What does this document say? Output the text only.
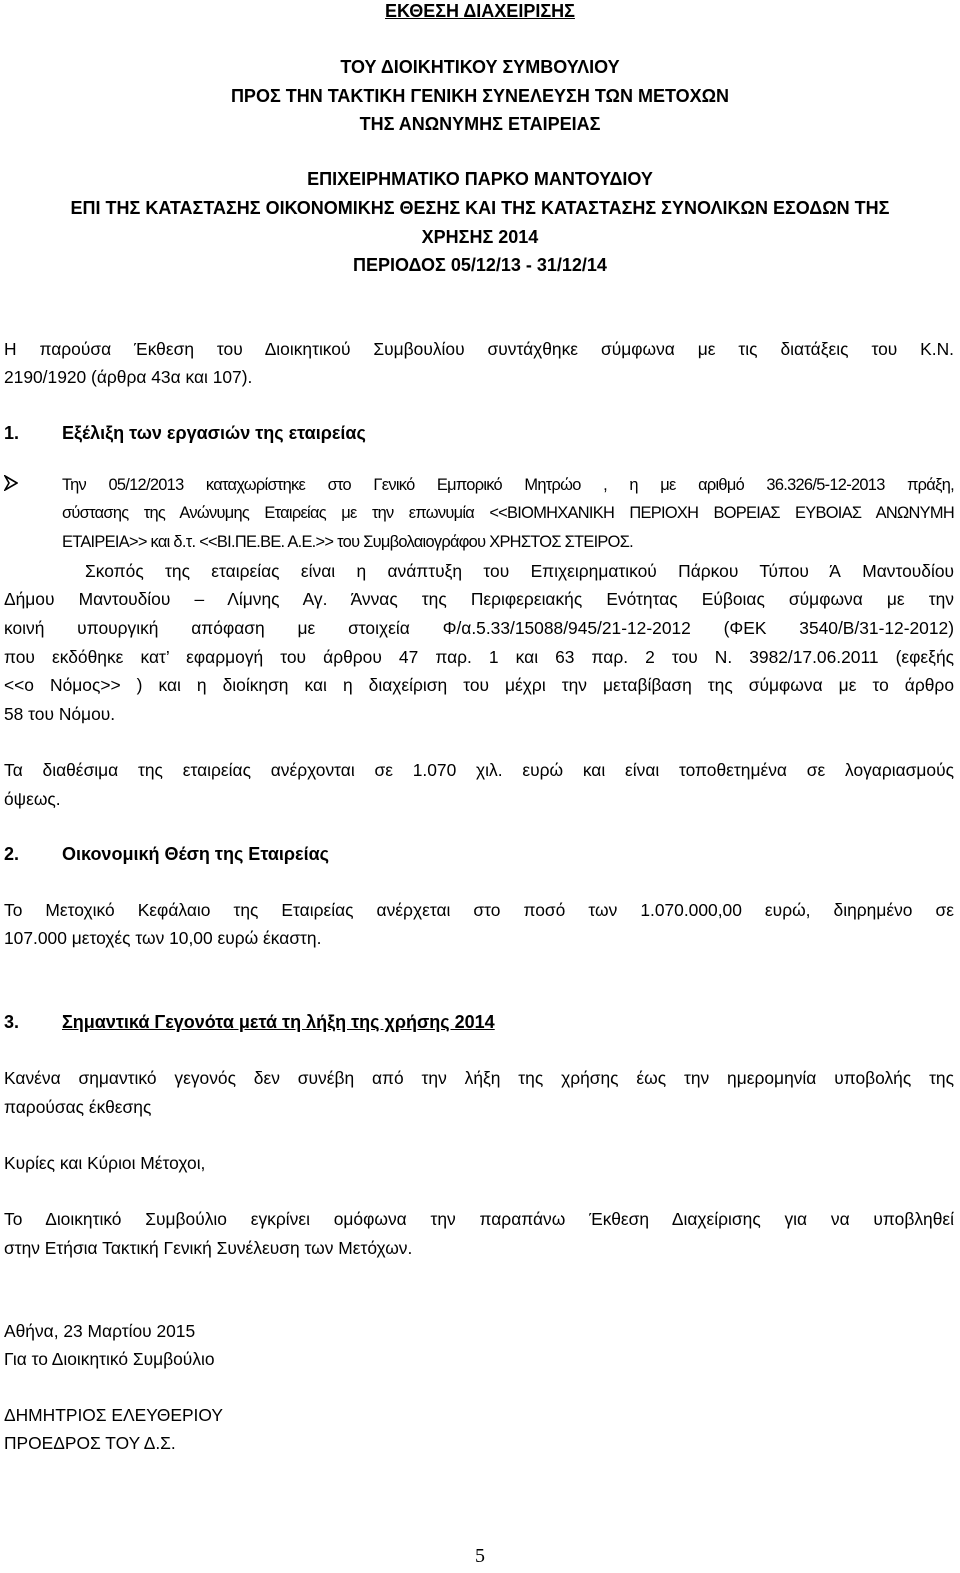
ΕΚΘΕΣΗ ΔΙΑΧΕΙΡΙΣΗΣ
ΤΟΥ ΔΙΟΙΚΗΤΙΚΟΥ ΣΥΜΒΟΥΛΙΟΥ
ΠΡΟΣ ΤΗΝ ΤΑΚΤΙΚΗ ΓΕΝΙΚΗ ΣΥΝΕΛΕΥΣΗ ΤΩΝ ΜΕΤΟΧΩΝ
ΤΗΣ ΑΝΩΝΥΜΗΣ ΕΤΑΙΡΕΙΑΣ
ΕΠΙΧΕΙΡΗΜΑΤΙΚΟ ΠΑΡΚΟ ΜΑΝΤΟΥΔΙΟΥ
ΕΠΙ ΤΗΣ ΚΑΤΑΣΤΑΣΗΣ ΟΙΚΟΝΟΜΙΚΗΣ ΘΕΣΗΣ ΚΑΙ ΤΗΣ ΚΑΤΑΣΤΑΣΗΣ ΣΥΝΟΛΙΚΩΝ ΕΣΟΔΩΝ ΤΗΣ
ΧΡΗΣΗΣ 2014
ΠΕΡΙΟΔΟΣ 05/12/13 - 31/12/14
Η παρούσα Έκθεση του Διοικητικού Συμβουλίου συντάχθηκε σύμφωνα με τις διατάξεις του Κ.Ν.
2190/1920 (άρθρα 43α και 107).
1. Εξέλιξη των εργασιών της εταιρείας
Την 05/12/2013 καταχωρίστηκε στο Γενικό Εμπορικό Μητρώο , η με αριθμό 36.326/5-12-2013 πράξη,
σύστασης της Ανώνυμης Εταιρείας με την επωνυμία <<ΒΙΟΜΗΧΑΝΙΚΗ ΠΕΡΙΟΧΗ ΒΟΡΕΙΑΣ ΕΥΒΟΙΑΣ ΑΝΩΝΥΜΗ
ΕΤΑΙΡΕΙΑ>> και δ.τ. <<ΒΙ.ΠΕ.ΒΕ. Α.Ε.>> του Συμβολαιογράφου ΧΡΗΣΤΟΣ ΣΤΕΙΡΟΣ.
Σκοπός της εταιρείας είναι η ανάπτυξη του Επιχειρηματικού Πάρκου Τύπου Ά Μαντουδίου
Δήμου Μαντουδίου – Λίμνης Αγ. Άννας της Περιφερειακής Ενότητας Εύβοιας σύμφωνα με την
κοινή υπουργική απόφαση με στοιχεία Φ/α.5.33/15088/945/21-12-2012 (ΦΕΚ 3540/Β/31-12-2012)
που εκδόθηκε κατ’ εφαρμογή του άρθρου 47 παρ. 1 και 63 παρ. 2 του Ν. 3982/17.06.2011 (εφεξής
<<ο Νόμος>> ) και η διοίκηση και η διαχείριση του μέχρι την μεταβίβαση της σύμφωνα με το άρθρο
58 του Νόμου.
Τα διαθέσιμα της εταιρείας ανέρχονται σε 1.070 χιλ. ευρώ και είναι τοποθετημένα σε λογαριασμούς
όψεως.
2. Οικονομική Θέση της Εταιρείας
Το Μετοχικό Κεφάλαιο της Εταιρείας ανέρχεται στο ποσό των 1.070.000,00 ευρώ, διηρημένο σε
107.000 μετοχές των 10,00 ευρώ έκαστη.
3. Σημαντικά Γεγονότα μετά τη λήξη της χρήσης 2014
Κανένα σημαντικό γεγονός δεν συνέβη από την λήξη της χρήσης έως την ημερομηνία υποβολής της
παρούσας έκθεσης
Κυρίες και Κύριοι Μέτοχοι,
Το Διοικητικό Συμβούλιο εγκρίνει ομόφωνα την παραπάνω Έκθεση Διαχείρισης για να υποβληθεί
στην Ετήσια Τακτική Γενική Συνέλευση των Μετόχων.
Αθήνα, 23 Μαρτίου 2015
Για το Διοικητικό Συμβούλιο
ΔΗΜΗΤΡΙΟΣ ΕΛΕΥΘΕΡΙΟΥ
ΠΡΟΕΔΡΟΣ ΤΟΥ Δ.Σ.
5
